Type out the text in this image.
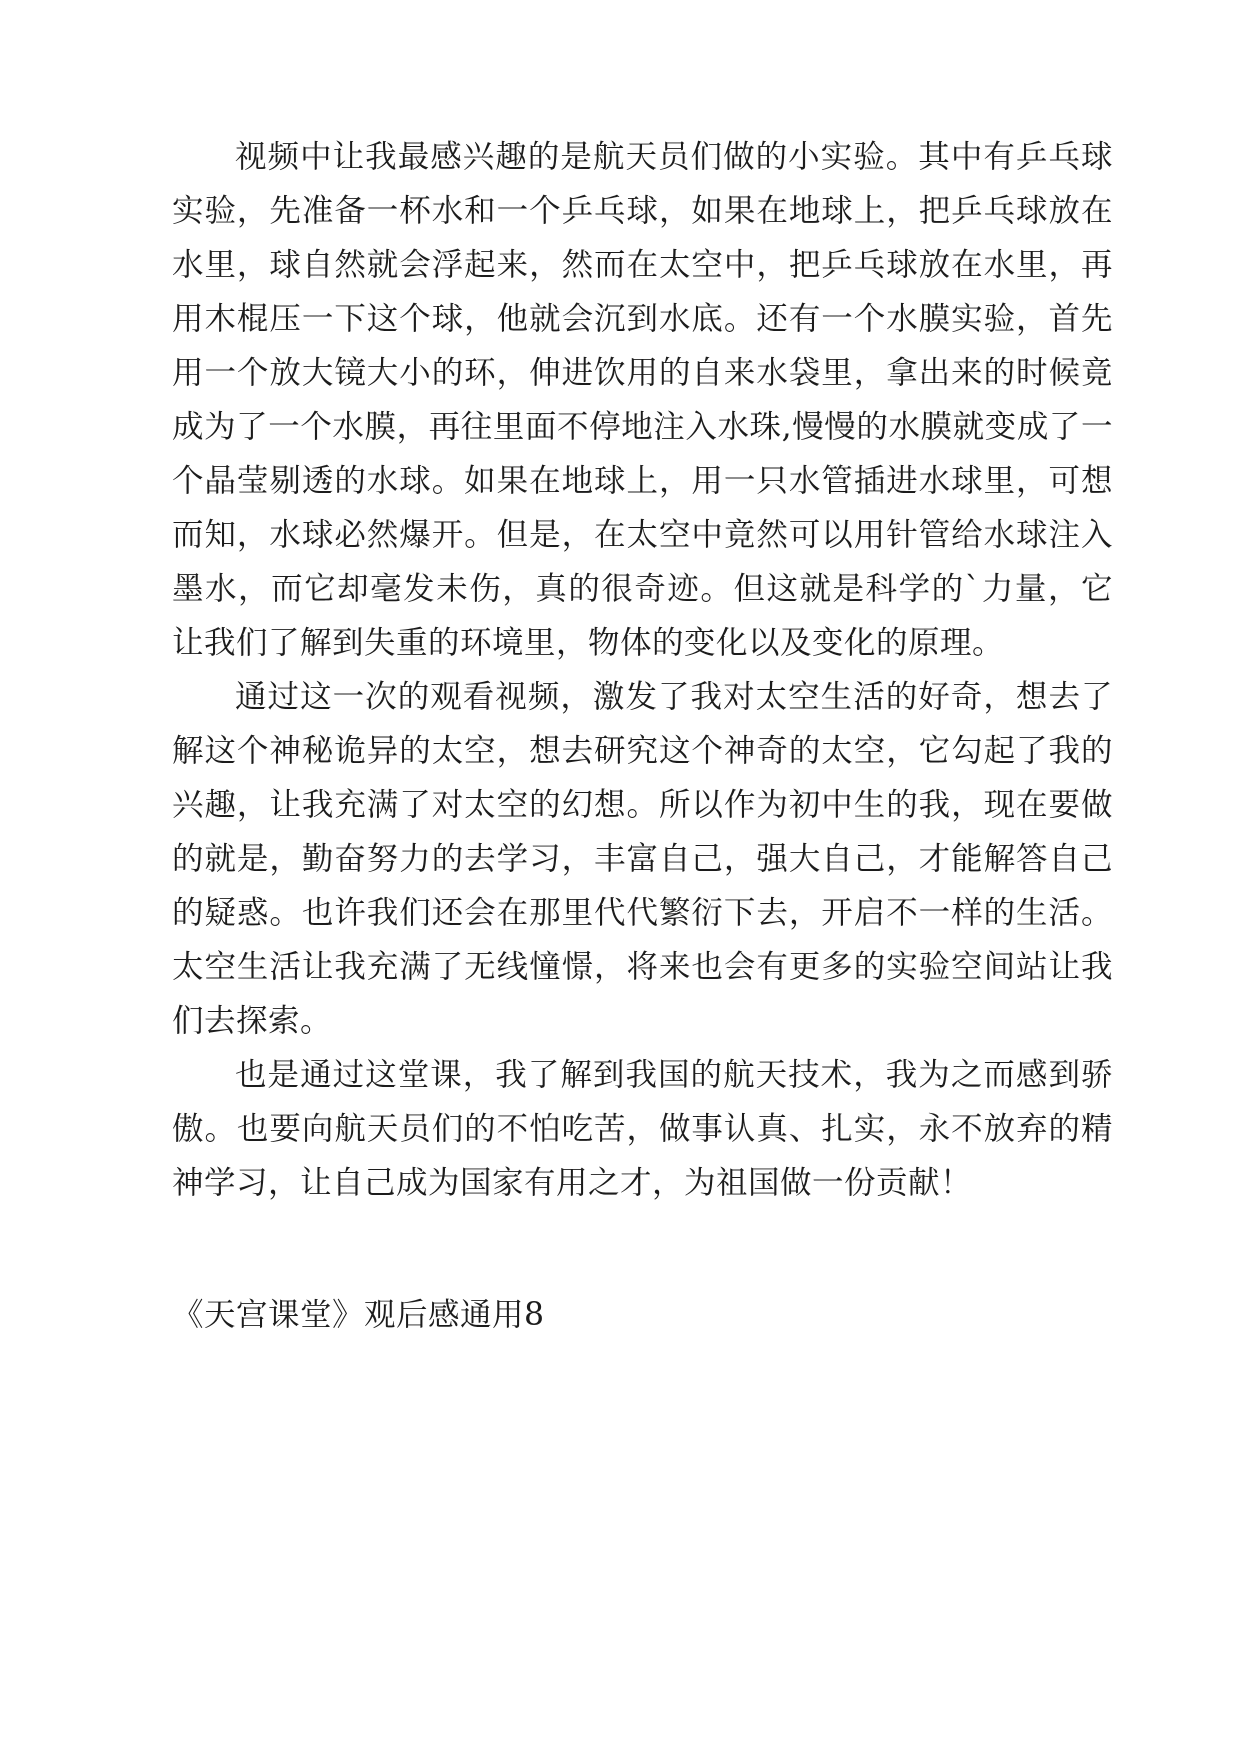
视频中让我最感兴趣的是航天员们做的小实验。其中有乒乓球实验，先准备一杯水和一个乒乓球，如果在地球上，把乒乓球放在水里，球自然就会浮起来，然而在太空中，把乒乓球放在水里，再用木棍压一下这个球，他就会沉到水底。还有一个水膜实验，首先用一个放大镜大小的环，伸进饮用的自来水袋里，拿出来的时候竟成为了一个水膜，再往里面不停地注入水珠,慢慢的水膜就变成了一个晶莹剔透的水球。如果在地球上，用一只水管插进水球里，可想而知，水球必然爆开。但是，在太空中竟然可以用针管给水球注入墨水，而它却毫发未伤，真的很奇迹。但这就是科学的`力量，它让我们了解到失重的环境里，物体的变化以及变化的原理。

通过这一次的观看视频，激发了我对太空生活的好奇，想去了解这个神秘诡异的太空，想去研究这个神奇的太空，它勾起了我的兴趣，让我充满了对太空的幻想。所以作为初中生的我，现在要做的就是，勤奋努力的去学习，丰富自己，强大自己，才能解答自己的疑惑。也许我们还会在那里代代繁衍下去，开启不一样的生活。太空生活让我充满了无线憧憬，将来也会有更多的实验空间站让我们去探索。

也是通过这堂课，我了解到我国的航天技术，我为之而感到骄傲。也要向航天员们的不怕吃苦，做事认真、扎实，永不放弃的精神学习，让自己成为国家有用之才，为祖国做一份贡献！

《天宫课堂》观后感通用8
